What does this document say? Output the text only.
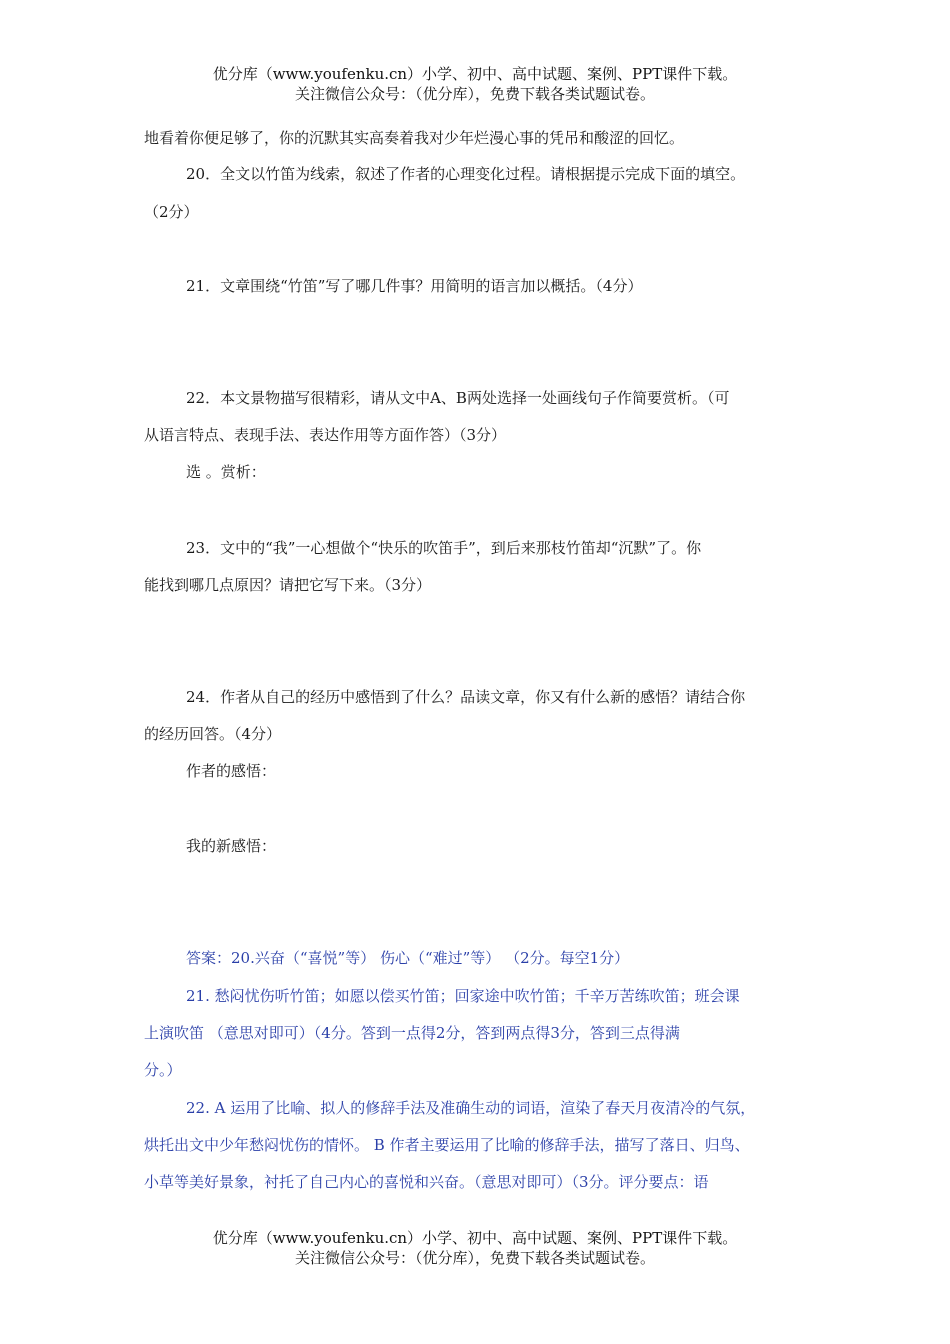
优分库（www.youfenku.cn）小学、初中、高中试题、案例、PPT课件下载。
关注微信公众号：（优分库），免费下载各类试题试卷。
地看着你便足够了，你的沉默其实高奏着我对少年烂漫心事的凭吊和酸涩的回忆。
20．全文以竹笛为线索，叙述了作者的心理变化过程。请根据提示完成下面的填空。
（2分）
21．文章围绕“竹笛”写了哪几件事？用简明的语言加以概括。（4分）
22．本文景物描写很精彩，请从文中A、B两处选择一处画线句子作简要赏析。（可
从语言特点、表现手法、表达作用等方面作答）（3分）
选 。赏析：
23．文中的“我”一心想做个“快乐的吹笛手”，到后来那枝竹笛却“沉默”了。你
能找到哪几点原因？请把它写下来。（3分）
24．作者从自己的经历中感悟到了什么？品读文章，你又有什么新的感悟？请结合你
的经历回答。（4分）
作者的感悟：
我的新感悟：
答案：20.兴奋（“喜悦”等） 伤心（“难过”等） （2分。每空1分）
21. 愁闷忧伤听竹笛；如愿以偿买竹笛；回家途中吹竹笛；千辛万苦练吹笛；班会课
上演吹笛 （意思对即可）（4分。答到一点得2分，答到两点得3分，答到三点得满
分。）
22. A 运用了比喻、拟人的修辞手法及准确生动的词语，渲染了春天月夜清冷的气氛，
烘托出文中少年愁闷忧伤的情怀。 B 作者主要运用了比喻的修辞手法，描写了落日、归鸟、
小草等美好景象，衬托了自己内心的喜悦和兴奋。（意思对即可）（3分。评分要点：语
优分库（www.youfenku.cn）小学、初中、高中试题、案例、PPT课件下载。
关注微信公众号：（优分库），免费下载各类试题试卷。
